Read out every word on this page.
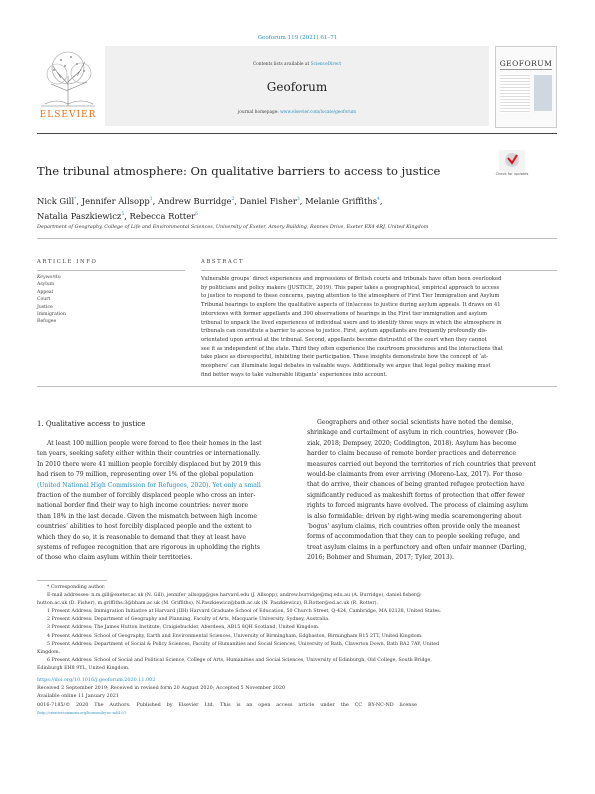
Geoforum 119 (2021) 61–71
ELSEVIER
Contents lists available at ScienceDirect
Geoforum
journal homepage: www.elsevier.com/locate/geoforum
GEOFORUM
The tribunal atmosphere: On qualitative barriers to access to justice	Check for updates
Nick Gill*, Jennifer Allsopp$^1$, Andrew Burridge$^2$, Daniel Fisher$^3$, Melanie Griffiths$^4$,
Natalia Paszkiewicz$^5$, Rebecca Rotter$^6$
Department of Geography, College of Life and Environmental Sciences, University of Exeter, Amory Building, Rennes Drive, Exeter EX4 4RJ, United Kingdom
ARTICLE INFO
Keywords:
Asylum
Appeal
Court
Justice
Immigration
Refugee
ABSTRACT
Vulnerable groups’ direct experiences and impressions of British courts and tribunals have often been overlooked
by politicians and policy makers (JUSTICE, 2019). This paper takes a geographical, empirical approach to access
to justice to respond to these concerns, paying attention to the atmosphere of First Tier Immigration and Asylum
Tribunal hearings to explore the qualitative aspects of (in)access to justice during asylum appeals. It draws on 41
interviews with former appellants and 390 observations of hearings in the First tier immigration and asylum
tribunal to unpack the lived experiences of individual users and to identify three ways in which the atmosphere in
tribunals can constitute a barrier to access to justice. First, asylum appellants are frequently profoundly dis-
orientated upon arrival at the tribunal. Second, appellants become distrustful of the court when they cannot
see it as independent of the state. Third they often experience the courtroom procedures and the interactions that
take place as disrespectful, inhibiting their participation. These insights demonstrate how the concept of ‘at-
mosphere’ can illuminate legal debates in valuable ways. Additionally we argue that legal policy making must
find better ways to take vulnerable litigants’ experiences into account.
1. Qualitative access to justice
At least 100 million people were forced to flee their homes in the last
ten years, seeking safety either within their countries or internationally.
In 2010 there were 41 million people forcibly displaced but by 2019 this
had risen to 79 million, representing over 1% of the global population
(United National High Commission for Refugees, 2020). Yet only a small
fraction of the number of forcibly displaced people who cross an inter-
national border find their way to high income countries: never more
than 18% in the last decade. Given the mismatch between high income
countries’ abilities to host forcibly displaced people and the extent to
which they do so, it is reasonable to demand that they at least have
systems of refugee recognition that are rigorous in upholding the rights
of those who claim asylum within their territories.
Geographers and other social scientists have noted the demise,
shrinkage and curtailment of asylum in rich countries, however (Bo-
ziak, 2018; Dempsey, 2020; Coddington, 2018). Asylum has become
harder to claim because of remote border practices and deterrence
measures carried out beyond the territories of rich countries that prevent
would-be claimants from ever arriving (Moreno-Lax, 2017). For those
that do arrive, their chances of being granted refugee protection have
significantly reduced as makeshift forms of protection that offer fewer
rights to forced migrants have evolved. The process of claiming asylum
is also formidable: driven by right-wing media scaremongering about
‘bogus’ asylum claims, rich countries often provide only the meanest
forms of accommodation that they can to people seeking refuge, and
treat asylum claims in a perfunctory and often unfair manner (Darling,
2016; Bohmer and Shuman, 2017; Tyler, 2013).
* Corresponding author.
E-mail addresses: n.m.gill@exeter.ac.uk (N. Gill), jennifer_allsopp@gse.harvard.edu (J. Allsopp), andrew.burridge@mq.edu.au (A. Burridge), daniel.fisher@
hutton.ac.uk (D. Fisher), m.griffiths.3@bham.ac.uk (M. Griffiths), N.Paszkiewicz@bath.ac.uk (N. Paszkiewicz), R.Rotter@ed.ac.uk (R. Rotter).
1 Present Address: Immigration Initiative at Harvard (IIH) Harvard Graduate School of Education, 50 Church Street, Q-424, Cambridge, MA 02138, United States.
2 Present Address: Department of Geography and Planning, Faculty of Arts, Macquarie University, Sydney, Australia.
3 Present Address: The James Hutton Institute, Craigiebuckler, Aberdeen, AB15 8QH Scotland, United Kingdom.
4 Present Address: School of Geography, Earth and Environmental Sciences, University of Birmingham, Edgbaston, Birmingham B15 2TT, United Kingdom.
5 Present Address: Department of Social & Policy Sciences, Faculty of Humanities and Social Sciences, University of Bath, Claverton Down, Bath BA2 7AY, United
Kingdom.
6 Present Address: School of Social and Political Science, College of Arts, Humanities and Social Sciences, University of Edinburgh, Old College, South Bridge,
Edinburgh EH8 9YL, United Kingdom.
https://doi.org/10.1016/j.geoforum.2020.11.002
Received 2 September 2019; Received in revised form 20 August 2020; Accepted 5 November 2020
Available online 11 January 2021
0016-7185/© 2020 The Authors. Published by Elsevier Ltd. This is an open access article under the CC BY-NC-ND license
(http://creativecommons.org/licenses/by-nc-nd/4.0/).
